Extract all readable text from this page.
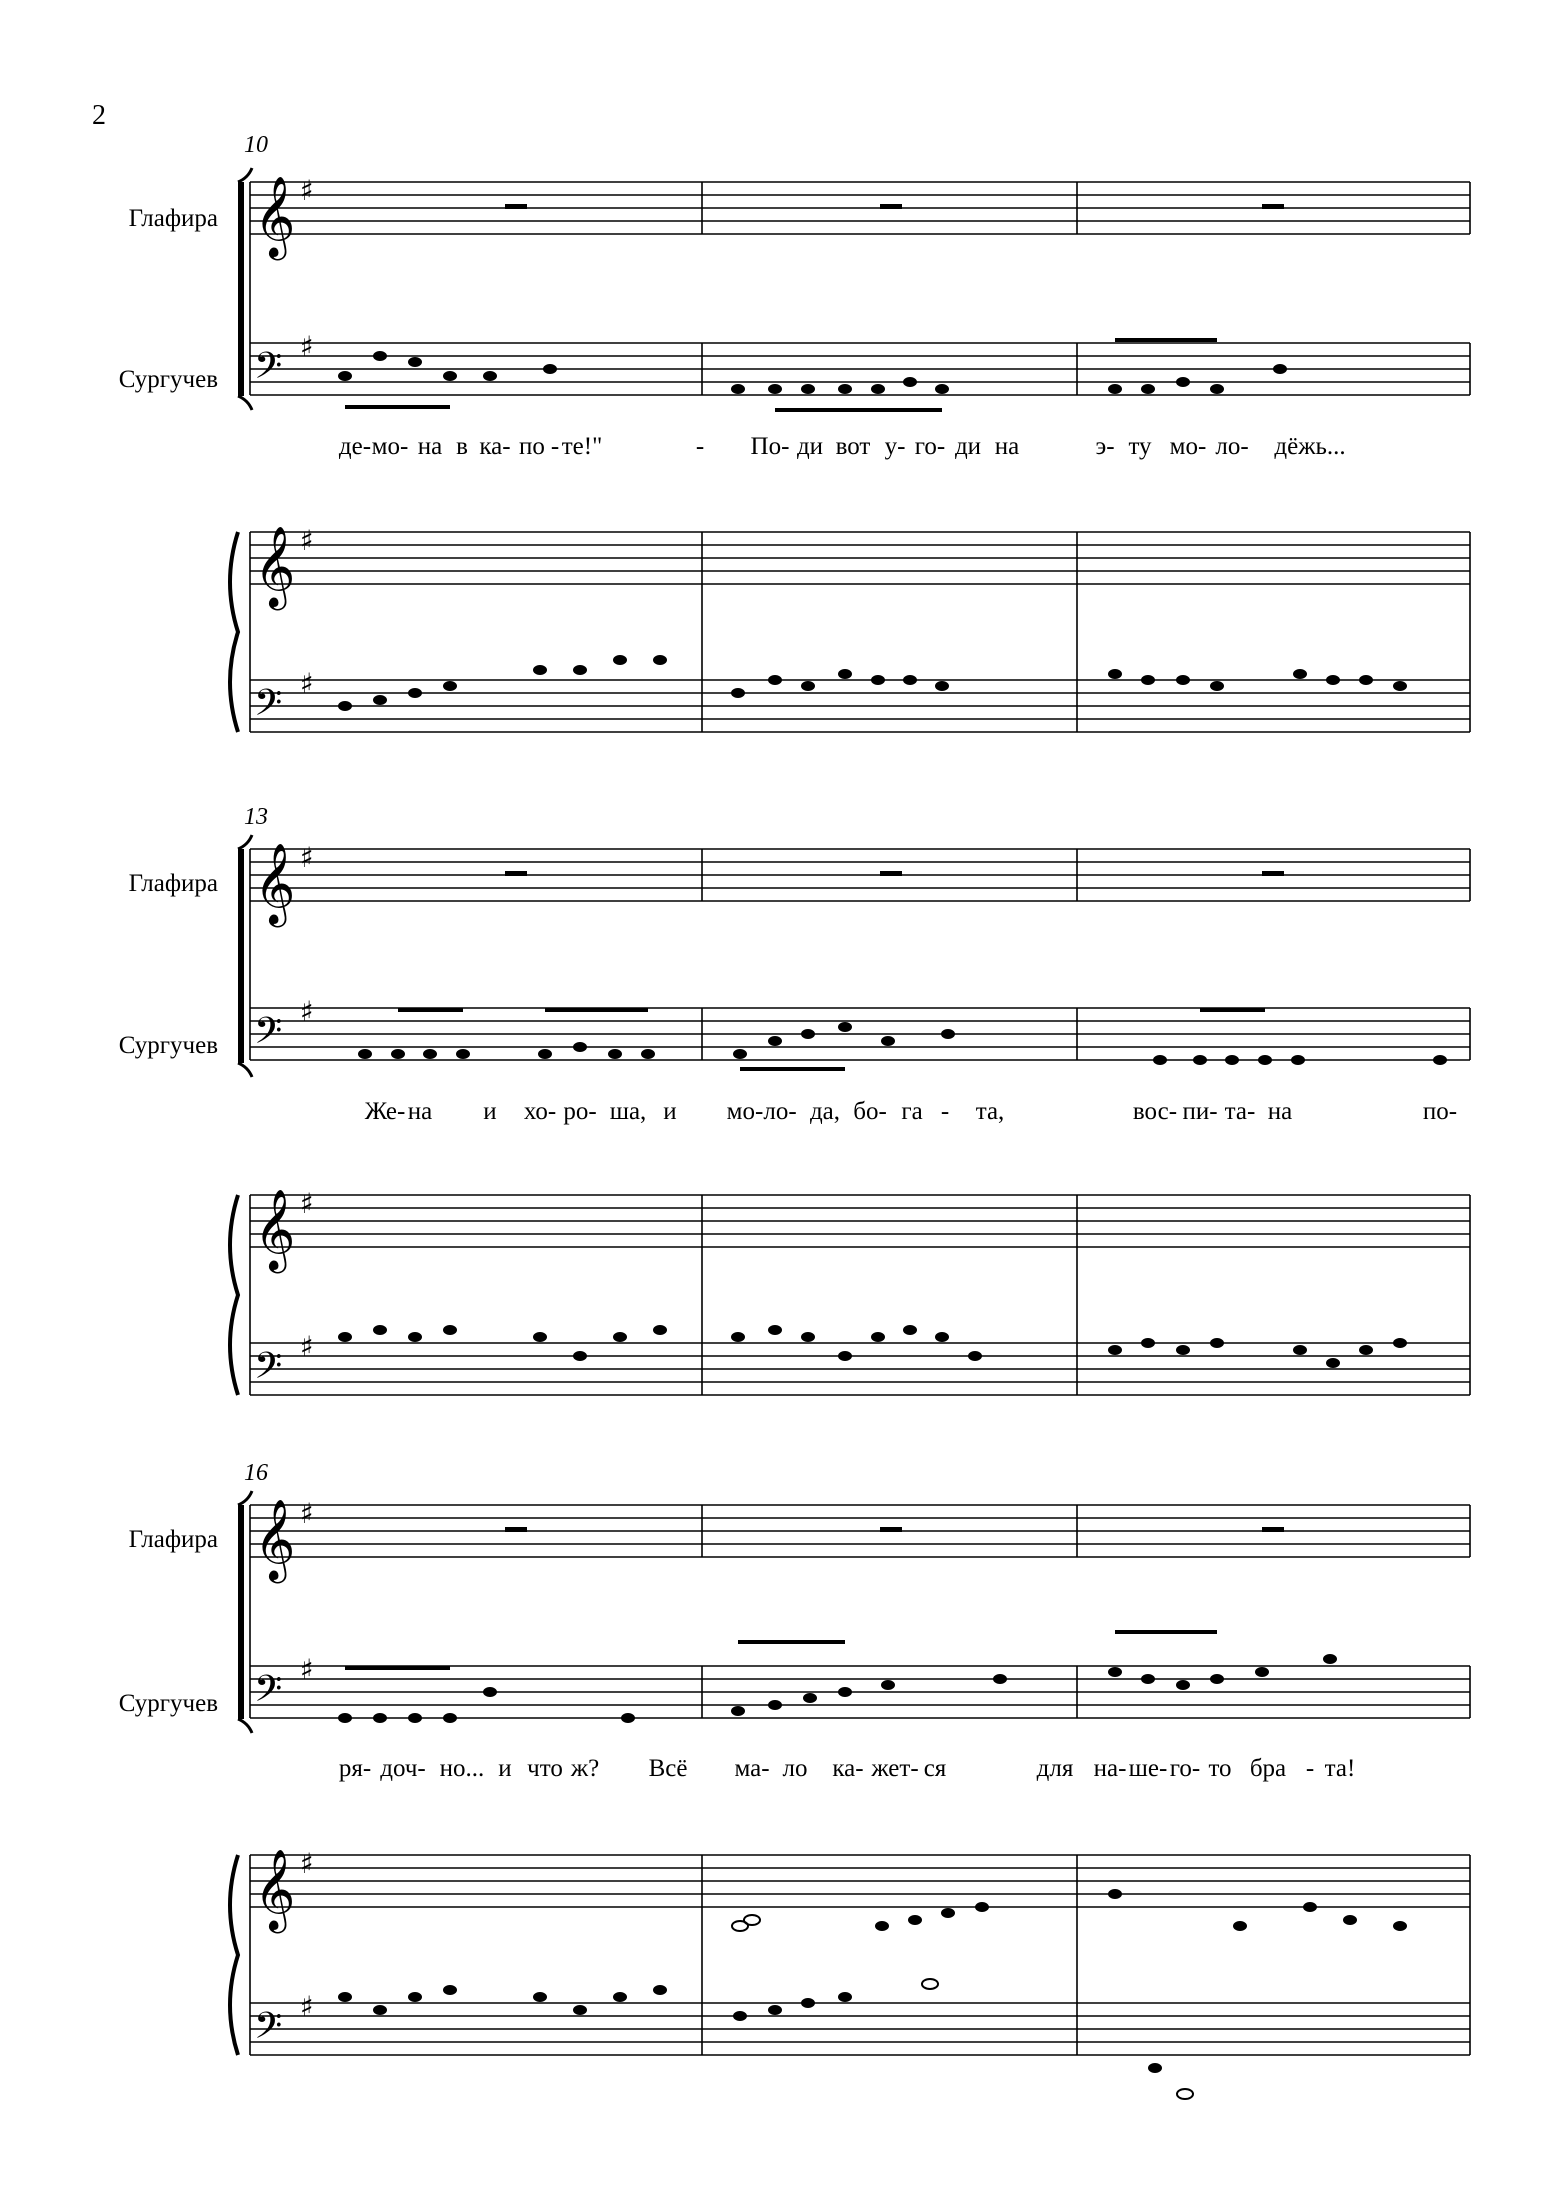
2
10
Глафира
Сургучев
𝄞 ♯
𝄢 ♯
𝄞 ♯
𝄢 ♯
де- мо- на в ка- по - те!"	- По- ди вот у- го- ди на	э- ту мо- ло- дёжь...
13
Глафира
Сургучев
𝄞 ♯
𝄢 ♯
𝄞 ♯
𝄢 ♯
Же- на и хо- ро- ша, и мо- ло- да, бо- га - та,	вос- пи- та- на	по-
16
Глафира
Сургучев
𝄞 ♯
𝄢 ♯
𝄞 ♯
𝄢 ♯
ря- доч- но... и что ж? Всё ма- ло ка- жет- ся	для на- ше- го- то бра - та!
